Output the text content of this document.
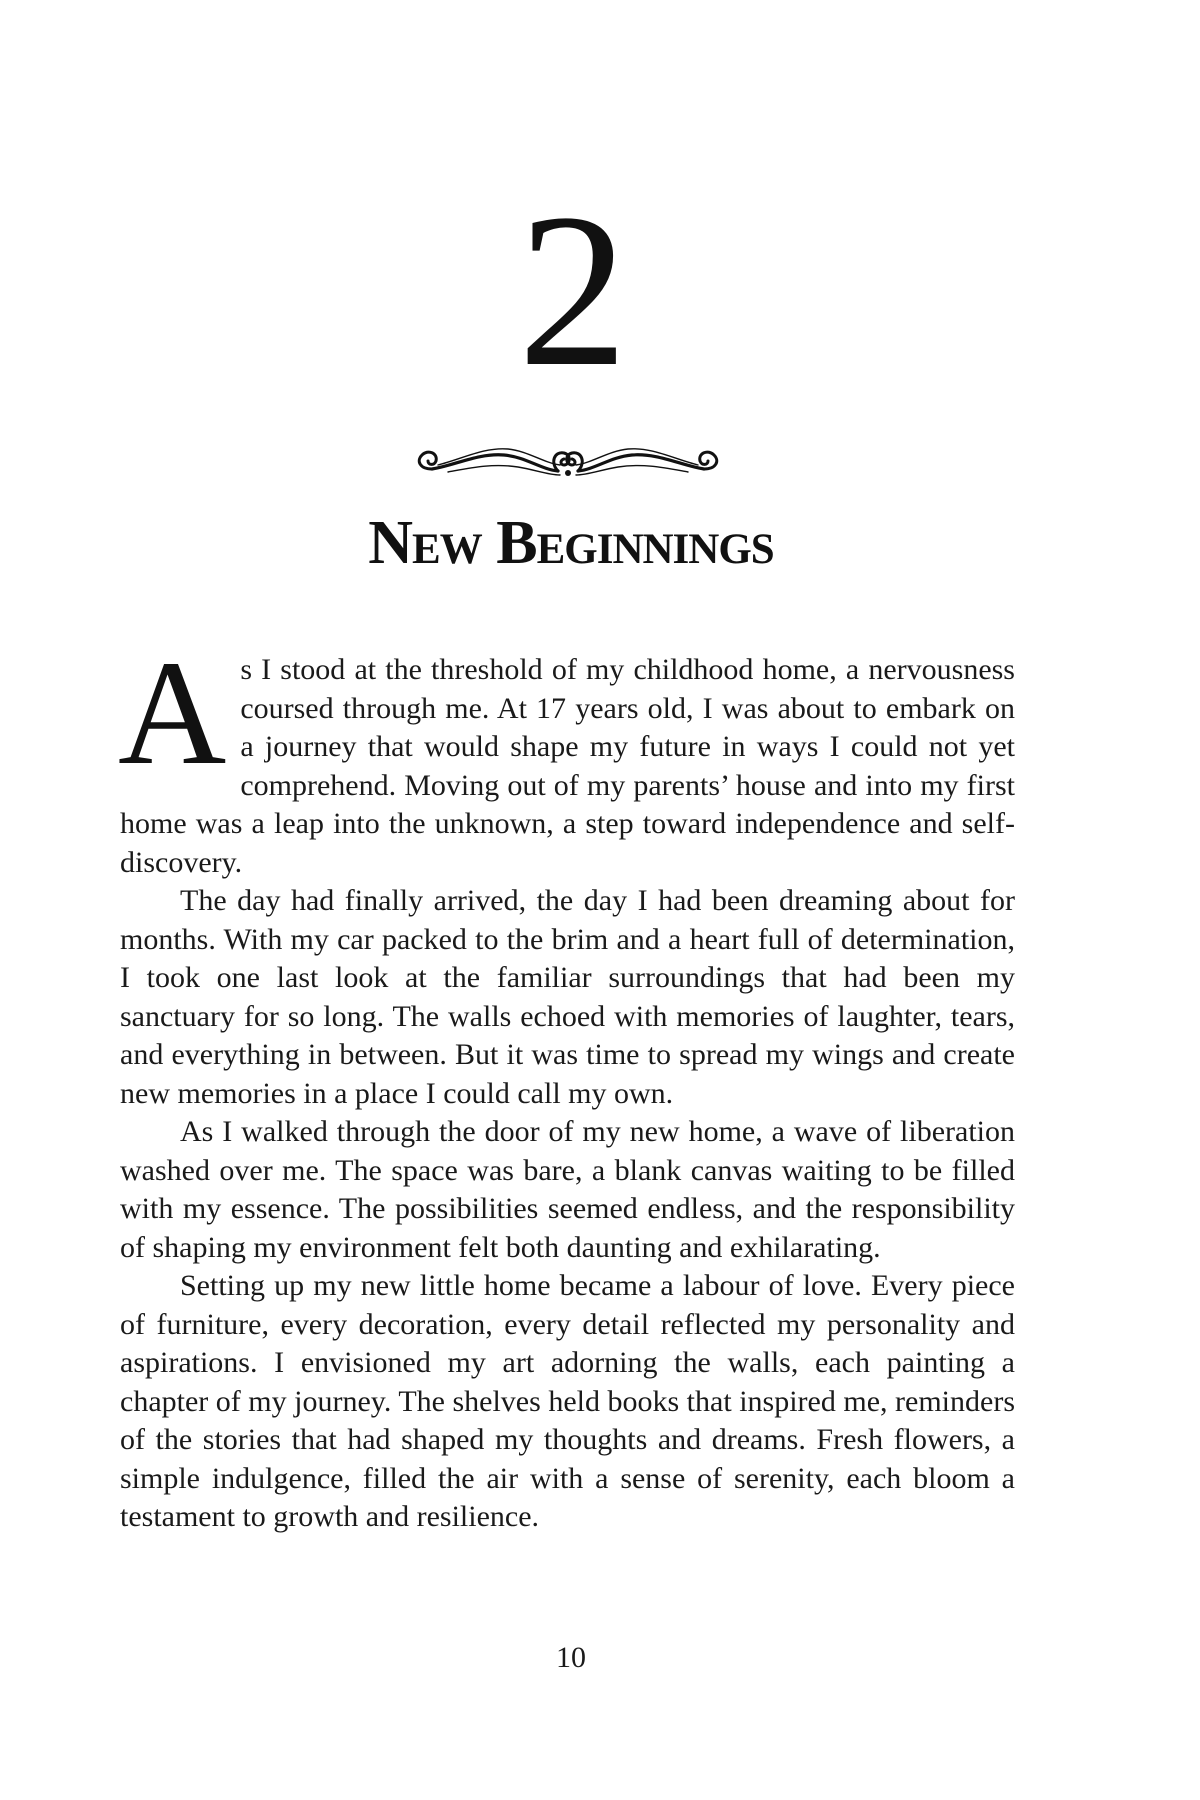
2
New Beginnings

As I stood at the threshold of my childhood home, a nervousness coursed through me. At 17 years old, I was about to embark on a journey that would shape my future in ways I could not yet comprehend. Moving out of my parents’ house and into my first home was a leap into the unknown, a step toward independence and self-discovery.

The day had finally arrived, the day I had been dreaming about for months. With my car packed to the brim and a heart full of determination, I took one last look at the familiar surroundings that had been my sanctuary for so long. The walls echoed with memories of laughter, tears, and everything in between. But it was time to spread my wings and create new memories in a place I could call my own.

As I walked through the door of my new home, a wave of liberation washed over me. The space was bare, a blank canvas waiting to be filled with my essence. The possibilities seemed endless, and the responsibility of shaping my environment felt both daunting and exhilarating.

Setting up my new little home became a labour of love. Every piece of furniture, every decoration, every detail reflected my personality and aspirations. I envisioned my art adorning the walls, each painting a chapter of my journey. The shelves held books that inspired me, reminders of the stories that had shaped my thoughts and dreams. Fresh flowers, a simple indulgence, filled the air with a sense of serenity, each bloom a testament to growth and resilience.

10
